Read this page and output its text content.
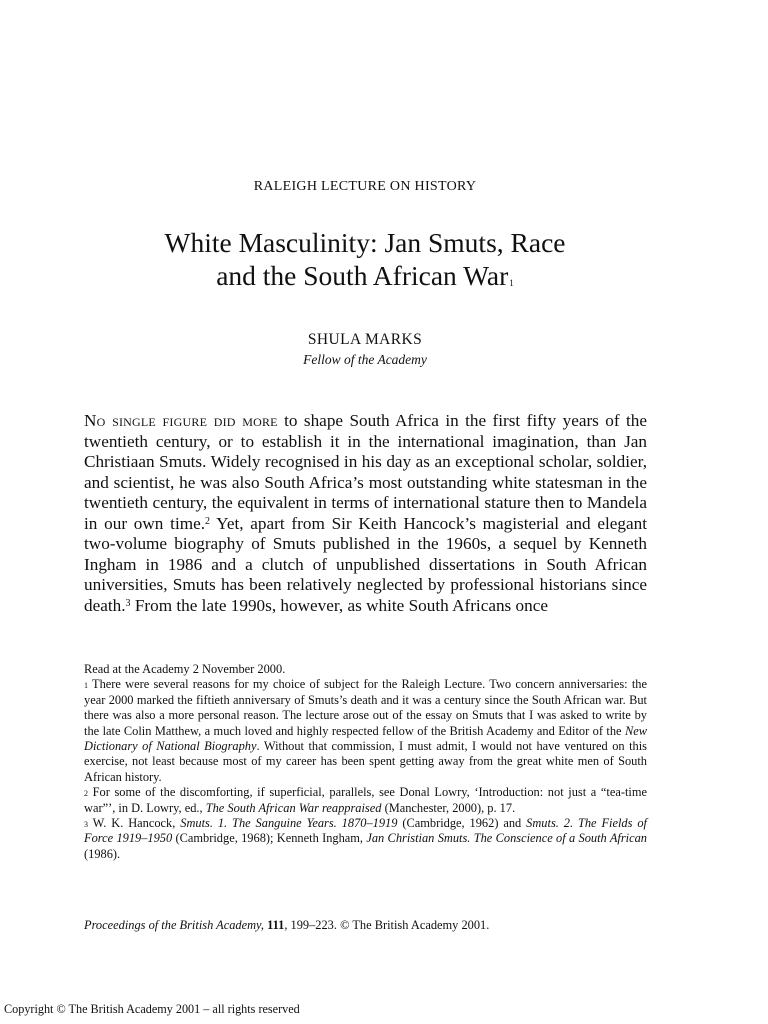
RALEIGH LECTURE ON HISTORY
White Masculinity: Jan Smuts, Race
and the South African War$^1$
SHULA MARKS
Fellow of the Academy
No single figure did more to shape South Africa in the first fifty years of the twentieth century, or to establish it in the international imagination, than Jan Christiaan Smuts. Widely recognised in his day as an exceptional scholar, soldier, and scientist, he was also South Africa’s most outstanding white statesman in the twentieth century, the equivalent in terms of international stature then to Mandela in our own time.$^2$ Yet, apart from Sir Keith Hancock’s magisterial and elegant two-volume biography of Smuts published in the 1960s, a sequel by Kenneth Ingham in 1986 and a clutch of unpublished dissertations in South African universities, Smuts has been relatively neglected by professional historians since death.$^3$ From the late 1990s, however, as white South Africans once

Read at the Academy 2 November 2000.

$^1$ There were several reasons for my choice of subject for the Raleigh Lecture. Two concern anniversaries: the year 2000 marked the fiftieth anniversary of Smuts’s death and it was a century since the South African war. But there was also a more personal reason. The lecture arose out of the essay on Smuts that I was asked to write by the late Colin Matthew, a much loved and highly respected fellow of the British Academy and Editor of the New Dictionary of National Biography. Without that commission, I must admit, I would not have ventured on this exercise, not least because most of my career has been spent getting away from the great white men of South African history.

$^2$ For some of the discomforting, if superficial, parallels, see Donal Lowry, ‘Introduction: not just a “tea-time war”’, in D. Lowry, ed., The South African War reappraised (Manchester, 2000), p. 17.

$^3$ W. K. Hancock, Smuts. 1. The Sanguine Years. 1870–1919 (Cambridge, 1962) and Smuts. 2. The Fields of Force 1919–1950 (Cambridge, 1968); Kenneth Ingham, Jan Christian Smuts. The Conscience of a South African (1986).

Proceedings of the British Academy, 111, 199–223. © The British Academy 2001.
Copyright © The British Academy 2001 – all rights reserved
